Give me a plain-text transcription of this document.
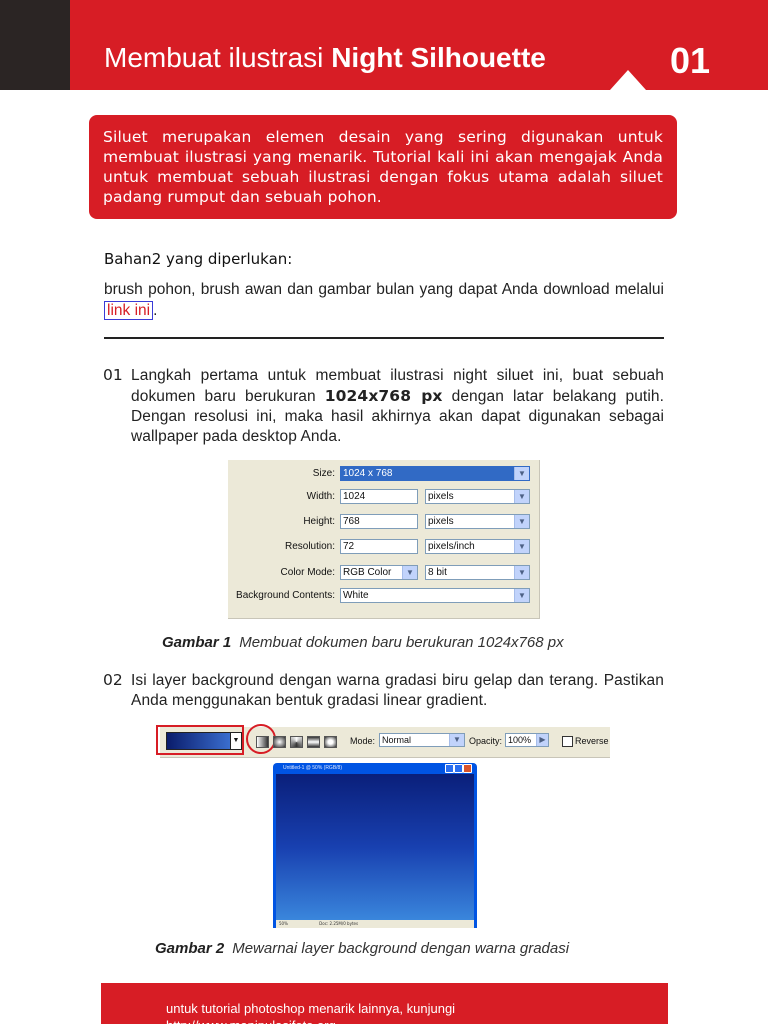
Membuat ilustrasi Night Silhouette	01

Siluet merupakan elemen desain yang sering digunakan untuk membuat ilustrasi yang menarik. Tutorial kali ini akan mengajak Anda untuk membuat sebuah ilustrasi dengan fokus utama adalah siluet padang rumput dan sebuah pohon.

Bahan2 yang diperlukan:
brush pohon, brush awan dan gambar bulan yang dapat Anda download melalui link ini .
01 Langkah pertama untuk membuat ilustrasi night siluet ini, buat sebuah dokumen baru berukuran 1024x768 px dengan latar belakang putih. Dengan resolusi ini, maka hasil akhirnya akan dapat digunakan sebagai wallpaper pada desktop Anda.
Size: 1024 x 768	▼
Width: 1024	pixels	▼
Height: 768	pixels	▼
Resolution: 72	pixels/inch	▼
Color Mode: RGB Color	▼	8 bit	▼
Background Contents: White	▼
Gambar 1 Membuat dokumen baru berukuran 1024x768 px
02 Isi layer background dengan warna gradasi biru gelap dan terang. Pastikan Anda menggunakan bentuk gradasi linear gradient.
▼	Mode: Normal	▼ Opacity: 100%	▶	Reverse
Untitled-1 @ 50% (RGB/8)
50%	Doc: 2.25M/0 bytes
Gambar 2 Mewarnai layer background dengan warna gradasi
untuk tutorial photoshop menarik lainnya, kunjungi
http://www.manipulasifoto.org
